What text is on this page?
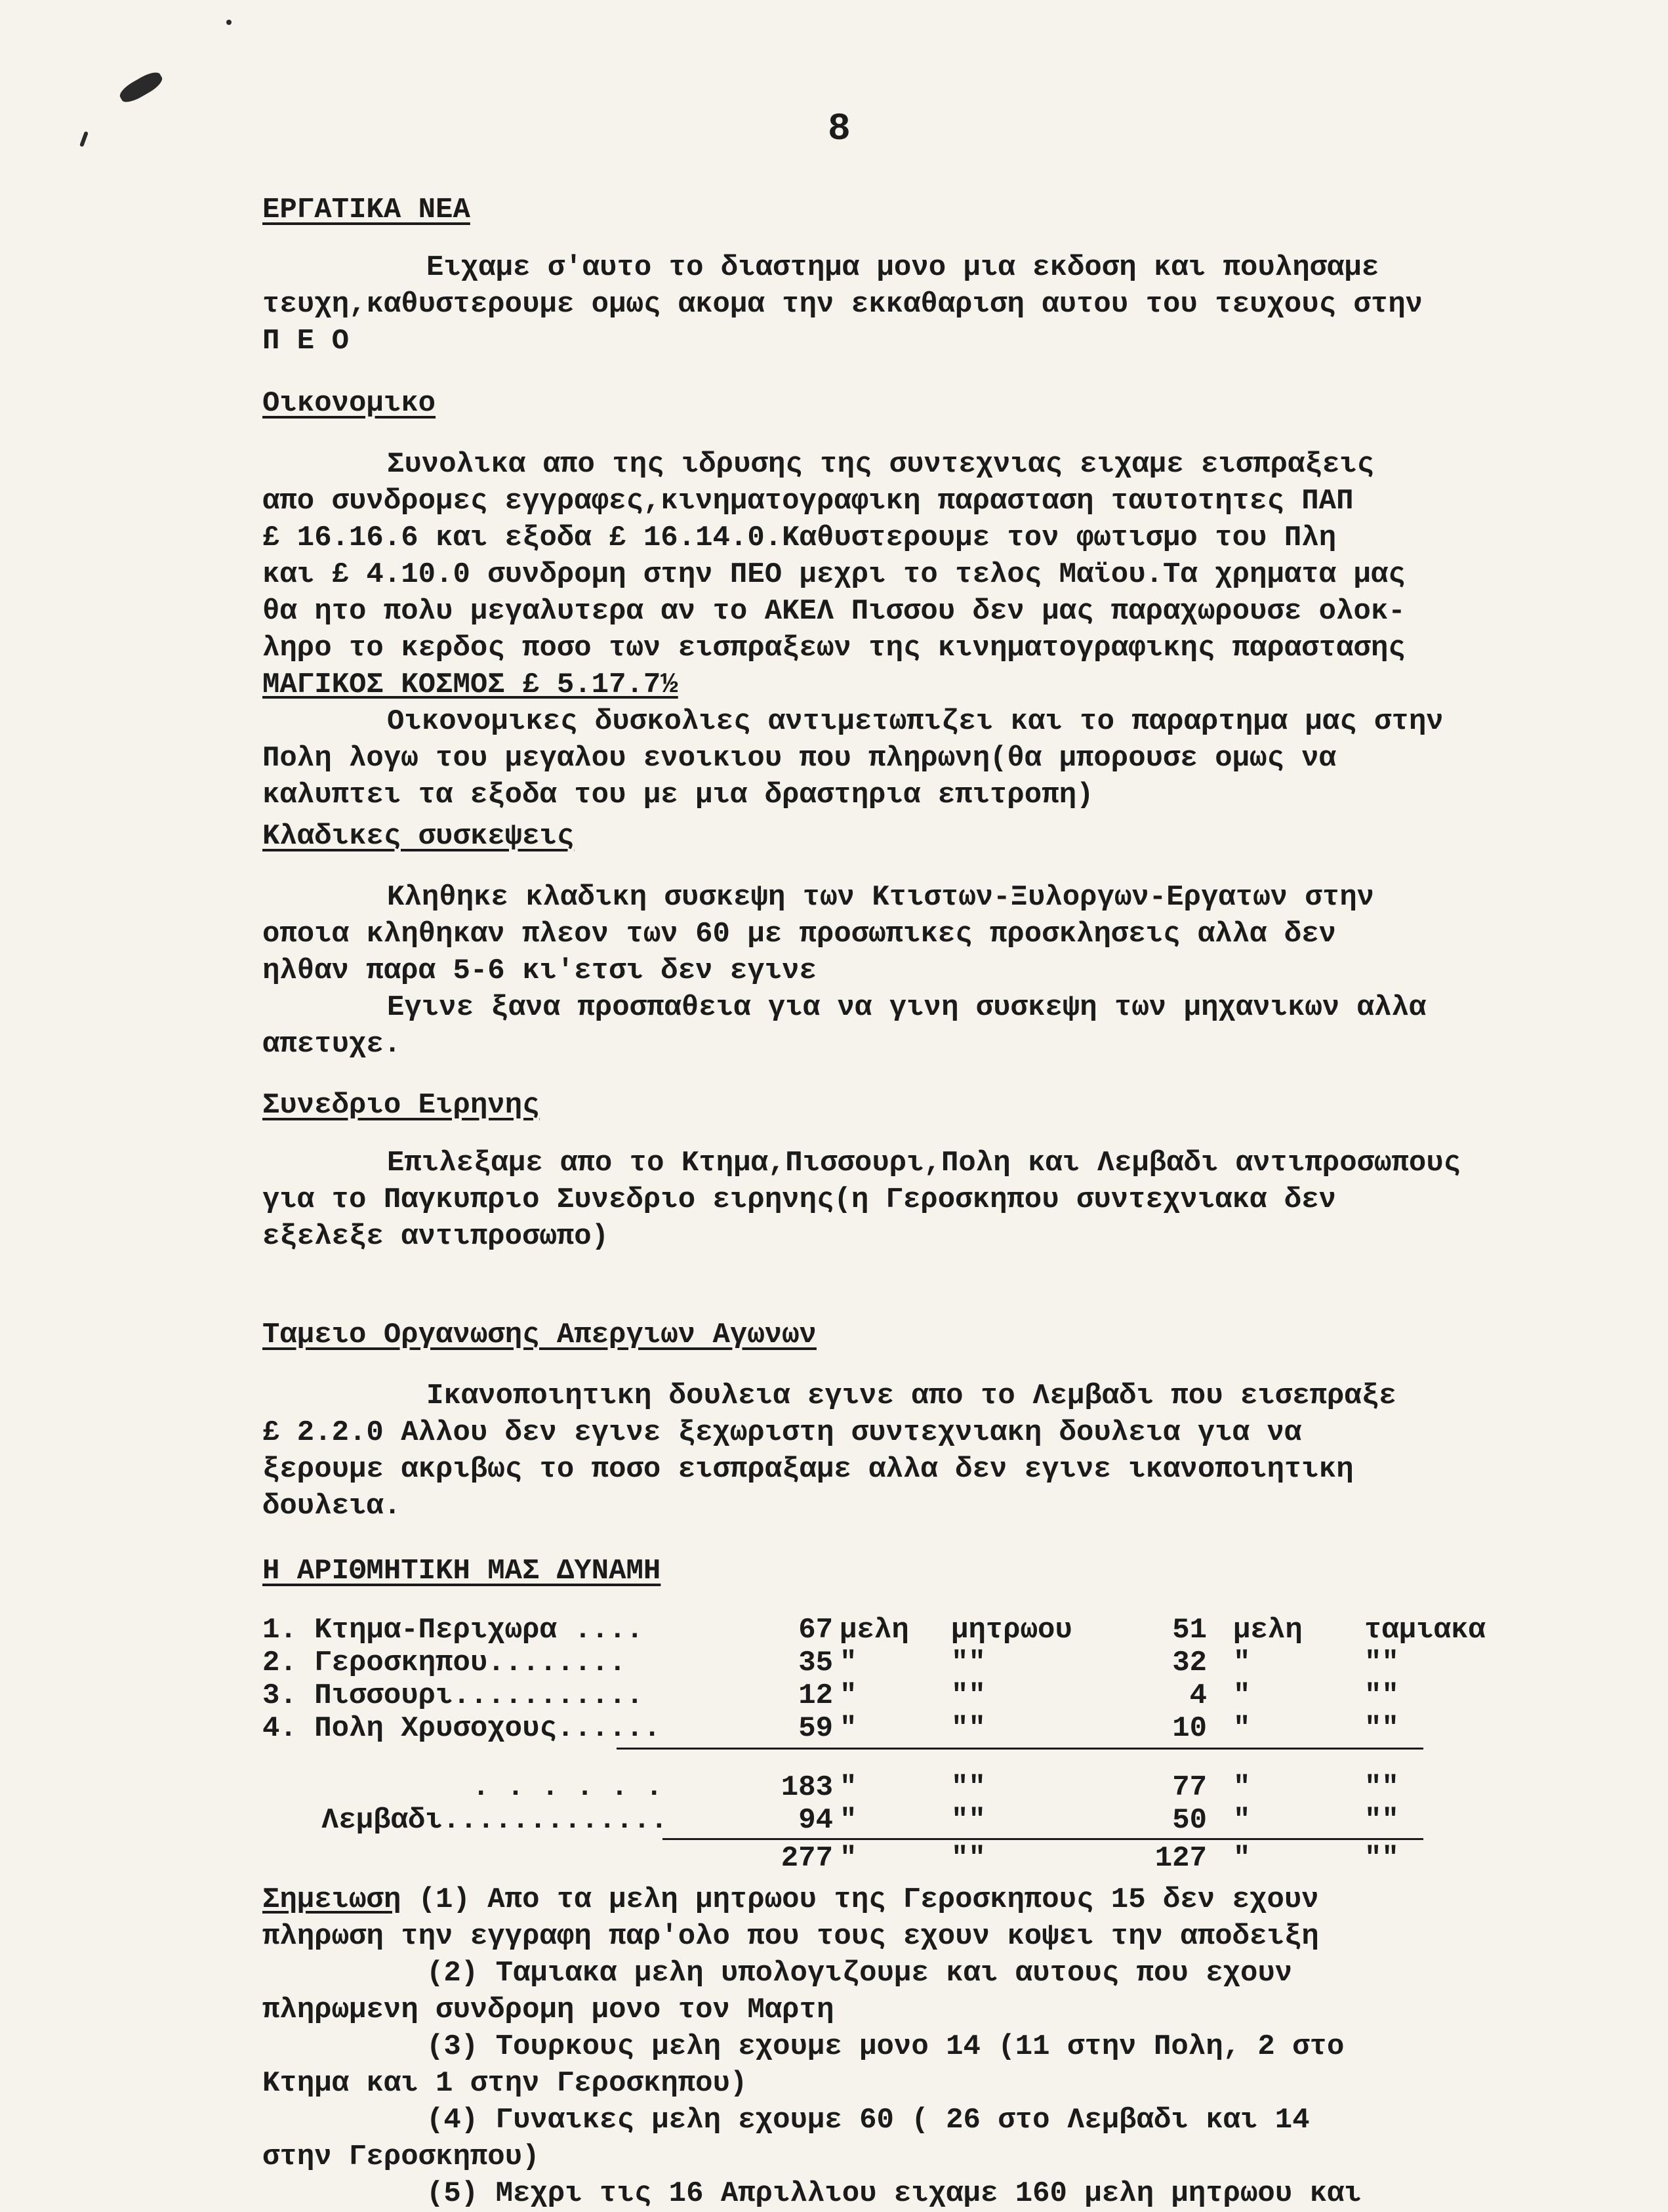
8
ΕΡΓΑΤΙΚΑ ΝΕΑ

Ειχαμε σ'αυτο το διαστημα μονο μια εκδοση και πουλησαμε

τευχη,καθυστερουμε ομως ακομα την εκκαθαριση αυτου του τευχους στην

Π Ε Ο

Οικονομικο

Συνολικα απο της ιδρυσης της συντεχνιας ειχαμε εισπραξεις

απο συνδρομες εγγραφες,κινηματογραφικη παρασταση ταυτοτητες ΠΑΠ

£ 16.16.6 και εξοδα £ 16.14.0.Καθυστερουμε τον φωτισμο του Πλη

και £ 4.10.0 συνδρομη στην ΠΕΟ μεχρι το τελος Μαϊου.Τα χρηματα μας

θα ητο πολυ μεγαλυτερα αν το ΑΚΕΛ Πισσου δεν μας παραχωρουσε ολοκ-

ληρο το κερδος ποσο των εισπραξεων της κινηματογραφικης παραστασης

ΜΑΓΙΚΟΣ ΚΟΣΜΟΣ £ 5.17.7½

Οικονομικες δυσκολιες αντιμετωπιζει και το παραρτημα μας στην

Πολη λογω του μεγαλου ενοικιου που πληρωνη(θα μπορουσε ομως να

καλυπτει τα εξοδα του με μια δραστηρια επιτροπη)

Κλαδικες συσκεψεις

Κληθηκε κλαδικη συσκεψη των Κτιστων-Ξυλοργων-Εργατων στην

οποια κληθηκαν πλεον των 60 με προσωπικες προσκλησεις αλλα δεν

ηλθαν παρα 5-6 κι'ετσι δεν εγινε

Εγινε ξανα προσπαθεια για να γινη συσκεψη των μηχανικων αλλα

απετυχε.

Συνεδριο Ειρηνης

Επιλεξαμε απο το Κτημα,Πισσουρι,Πολη και Λεμβαδι αντιπροσωπους

για το Παγκυπριο Συνεδριο ειρηνης(η Γεροσκηπου συντεχνιακα δεν

εξελεξε αντιπροσωπο)

Ταμειο Οργανωσης Απεργιων Αγωνων

Ικανοποιητικη δουλεια εγινε απο το Λεμβαδι που εισεπραξε

£ 2.2.0 Αλλου δεν εγινε ξεχωριστη συντεχνιακη δουλεια για να

ξερουμε ακριβως το ποσο εισπραξαμε αλλα δεν εγινε ικανοποιητικη

δουλεια.

Η ΑΡΙΘΜΗΤΙΚΗ ΜΑΣ ΔΥΝΑΜΗ
1. Κτημα-Περιχωρα ....	67 μελη μητρωου	51 μελη ταμιακα
2. Γεροσκηπου........	35 "	""	32 "	""
3. Πισσουρι...........	12 "	""	4 "	""
4. Πολη Χρυσοχους......	59 "	""	10 "	""
. . . . . .	183 "	""	77 "	""
Λεμβαδι.............	94 "	""	50 "	""
277 "	""	127 "	""

Σημειωση (1) Απο τα μελη μητρωου της Γεροσκηπους 15 δεν εχουν

πληρωση την εγγραφη παρ'ολο που τους εχουν κοψει την αποδειξη

(2) Ταμιακα μελη υπολογιζουμε και αυτους που εχουν

πληρωμενη συνδρομη μονο τον Μαρτη

(3) Τουρκους μελη εχουμε μονο 14 (11 στην Πολη, 2 στο

Κτημα και 1 στην Γεροσκηπου)

(4) Γυναικες μελη εχουμε 60 ( 26 στο Λεμβαδι και 14

στην Γεροσκηπου)

(5) Μεχρι τις 16 Απριλλιου ειχαμε 160 μελη μητρωου και
